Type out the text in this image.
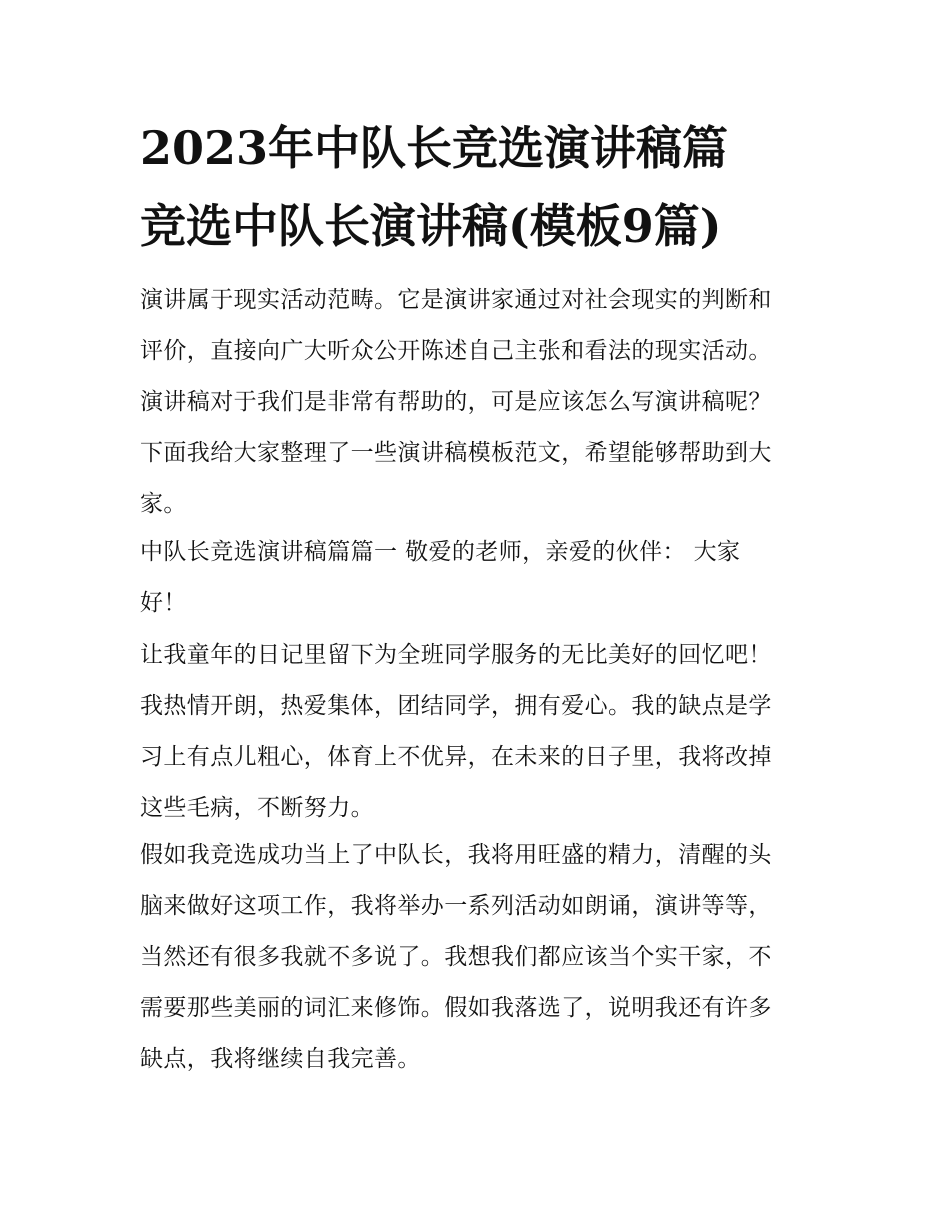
2023年中队长竞选演讲稿篇
竞选中队长演讲稿(模板9篇)

演讲属于现实活动范畴。它是演讲家通过对社会现实的判断和
评价，直接向广大听众公开陈述自己主张和看法的现实活动。
演讲稿对于我们是非常有帮助的，可是应该怎么写演讲稿呢？
下面我给大家整理了一些演讲稿模板范文，希望能够帮助到大
家。

中队长竞选演讲稿篇篇一 敬爱的老师，亲爱的伙伴： 大家
好！

让我童年的日记里留下为全班同学服务的无比美好的回忆吧！
我热情开朗，热爱集体，团结同学，拥有爱心。我的缺点是学
习上有点儿粗心，体育上不优异，在未来的日子里，我将改掉
这些毛病，不断努力。

假如我竞选成功当上了中队长，我将用旺盛的精力，清醒的头
脑来做好这项工作，我将举办一系列活动如朗诵，演讲等等，
当然还有很多我就不多说了。我想我们都应该当个实干家，不
需要那些美丽的词汇来修饰。假如我落选了，说明我还有许多
缺点，我将继续自我完善。
